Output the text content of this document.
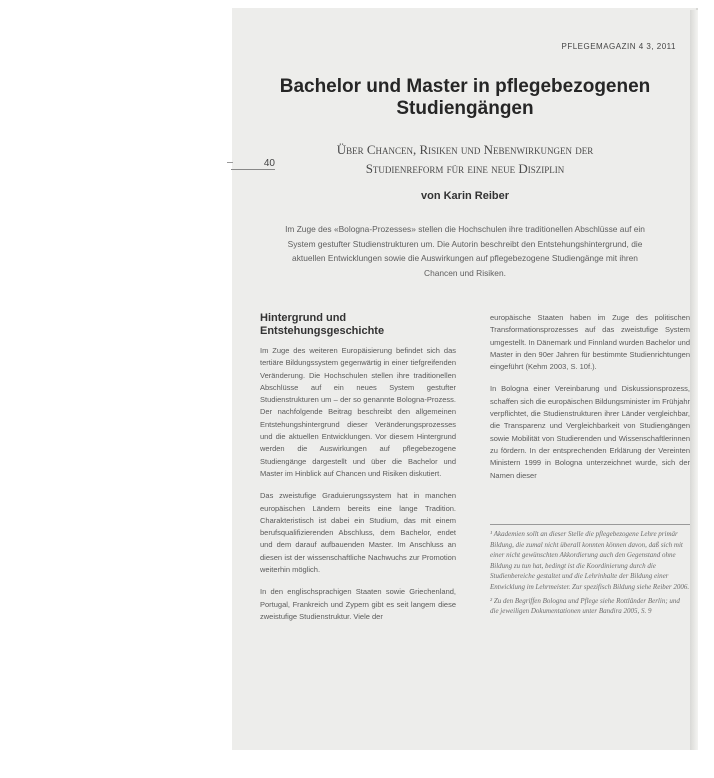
PFLEGEMAGAZIN 4 3, 2011
Bachelor und Master in pflegebezogenen
Studiengängen
Über Chancen, Risiken und Nebenwirkungen der
Studienreform für eine neue Disziplin
von Karin Reiber
Im Zuge des «Bologna-Prozesses» stellen die Hochschulen ihre traditionellen Abschlüsse auf ein System gestufter Studienstrukturen um. Die Autorin beschreibt den Entstehungshintergrund, die aktuellen Entwicklungen sowie die Auswirkungen auf pflegebezogene Studiengänge mit ihren Chancen und Risiken.
Hintergrund und Entstehungsgeschichte

Im Zuge des weiteren Europäisierung befindet sich das tertiäre Bildungssystem gegenwärtig in einer tiefgreifenden Veränderung. Die Hochschulen stellen ihre traditionellen Abschlüsse auf ein neues System gestufter Studienstrukturen um – der so genannte Bologna-Prozess. Der nachfolgende Beitrag beschreibt den allgemeinen Entstehungshintergrund dieser Veränderungsprozesses und die aktuellen Entwicklungen. Vor diesem Hintergrund werden die Auswirkungen auf pflegebezogene Studiengänge dargestellt und über die Bachelor und Master im Hinblick auf Chancen und Risiken diskutiert.

Das zweistufige Graduierungssystem hat in manchen europäischen Ländern bereits eine lange Tradition. Charakteristisch ist dabei ein Studium, das mit einem berufsqualifizierenden Abschluss, dem Bachelor, endet und dem darauf aufbauenden Master. Im Anschluss an diesen ist der wissenschaftliche Nachwuchs zur Promotion weiterhin möglich.

In den englischsprachigen Staaten sowie Griechenland, Portugal, Frankreich und Zypern gibt es seit langem diese zweistufige Studienstruktur. Viele der

europäische Staaten haben im Zuge des politischen Transformationsprozesses auf das zweistufige System umgestellt. In Dänemark und Finnland wurden Bachelor und Master in den 90er Jahren für bestimmte Studienrichtungen eingeführt (Kehm 2003, S. 10f.).

In Bologna einer Vereinbarung und Diskussionsprozess, schaffen sich die europäischen Bildungsminister im Frühjahr verpflichtet, die Studienstrukturen ihrer Länder vergleichbar, die Transparenz und Vergleichbarkeit von Studiengängen sowie Mobilität von Studierenden und Wissenschaftlerinnen zu fördern. In der entsprechenden Erklärung der Vereinten Ministern 1999 in Bologna unterzeichnet wurde, sich der Namen dieser

¹ Akademien sollt an dieser Stelle die pflegebezogene Lehre primär Bildung, die zumal nicht überall konnten können davon, daß sich mit einer nicht gewünschten Akkordierung auch den Gegenstand ohne Bildung zu tun hat, bedingt ist die Koordinierung durch die Studienbereiche gestaltet und die Lehrinhalte der Bildung einer Entwicklung im Lehrmeister. Zur spezifisch Bildung siehe Reiber 2006.

² Zu den Begriffen Bologna und Pflege siehe Rottländer Berlin; und die jeweiligen Dokumentationen unter Bandira 2005, S. 9

40
